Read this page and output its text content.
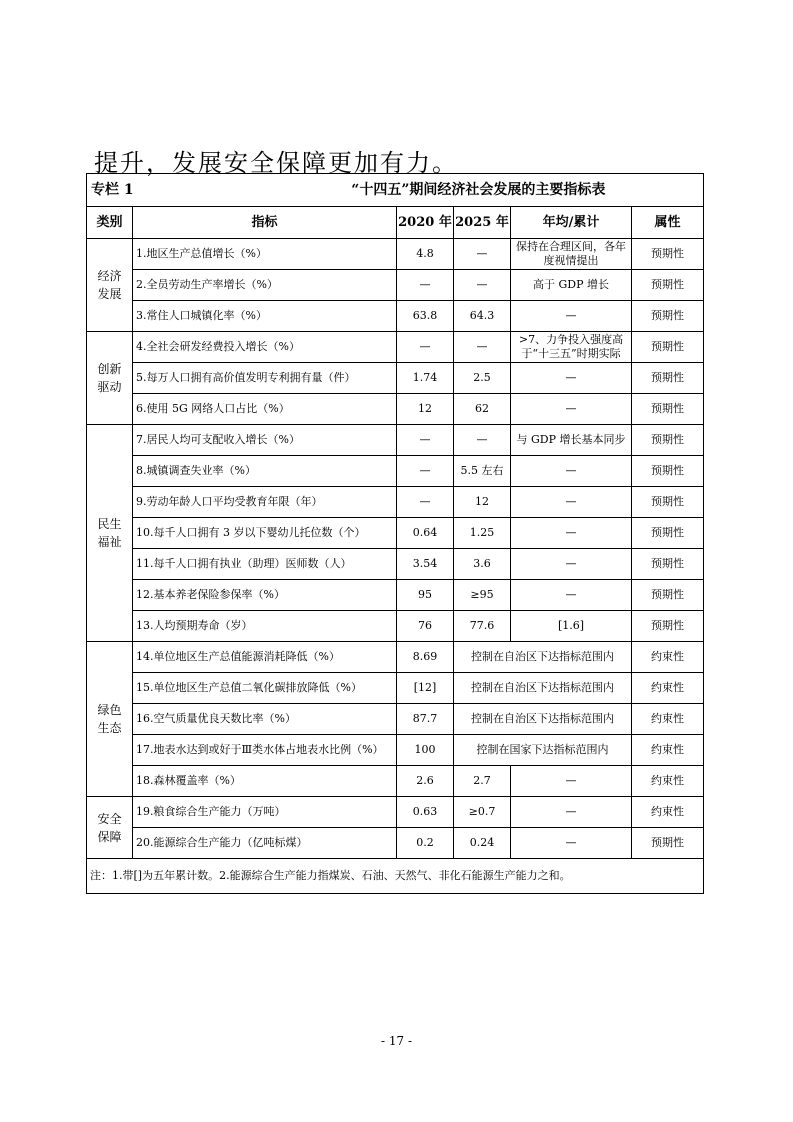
提升，发展安全保障更加有力。
专栏 1 “十四五”期间经济社会发展的主要指标表					
类别	指标	2020 年	2025 年	年均/累计	属性
经济
发展	1.地区生产总值增长（%）	4.8	—	保持在合理区间，各年度视情提出	预期性
	2.全员劳动生产率增长（%）	—	—	高于 GDP 增长	预期性
	3.常住人口城镇化率（%）	63.8	64.3	—	预期性
创新
驱动	4.全社会研发经费投入增长（%）	—	—	>7、力争投入强度高于“十三五”时期实际	预期性
	5.每万人口拥有高价值发明专利拥有量（件）	1.74	2.5	—	预期性
	6.使用 5G 网络人口占比（%）	12	62	—	预期性
民生
福祉	7.居民人均可支配收入增长（%）	—	—	与 GDP 增长基本同步	预期性
	8.城镇调查失业率（%）	—	5.5 左右	—	预期性
	9.劳动年龄人口平均受教育年限（年）	—	12	—	预期性
	10.每千人口拥有 3 岁以下婴幼儿托位数（个）	0.64	1.25	—	预期性
	11.每千人口拥有执业（助理）医师数（人）	3.54	3.6	—	预期性
	12.基本养老保险参保率（%）	95	≥95	—	预期性
	13.人均预期寿命（岁）	76	77.6	[1.6]	预期性
绿色
生态	14.单位地区生产总值能源消耗降低（%）	8.69	控制在自治区下达指标范围内		约束性
	15.单位地区生产总值二氧化碳排放降低（%）	[12]	控制在自治区下达指标范围内		约束性
	16.空气质量优良天数比率（%）	87.7	控制在自治区下达指标范围内		约束性
	17.地表水达到或好于Ⅲ类水体占地表水比例（%）	100	控制在国家下达指标范围内		约束性
	18.森林覆盖率（%）	2.6	2.7	—	约束性
安全
保障	19.粮食综合生产能力（万吨）	0.63	≥0.7	—	约束性
	20.能源综合生产能力（亿吨标煤）	0.2	0.24	—	预期性
注：1.带[]为五年累计数。2.能源综合生产能力指煤炭、石油、天然气、非化石能源生产能力之和。					
- 17 -
